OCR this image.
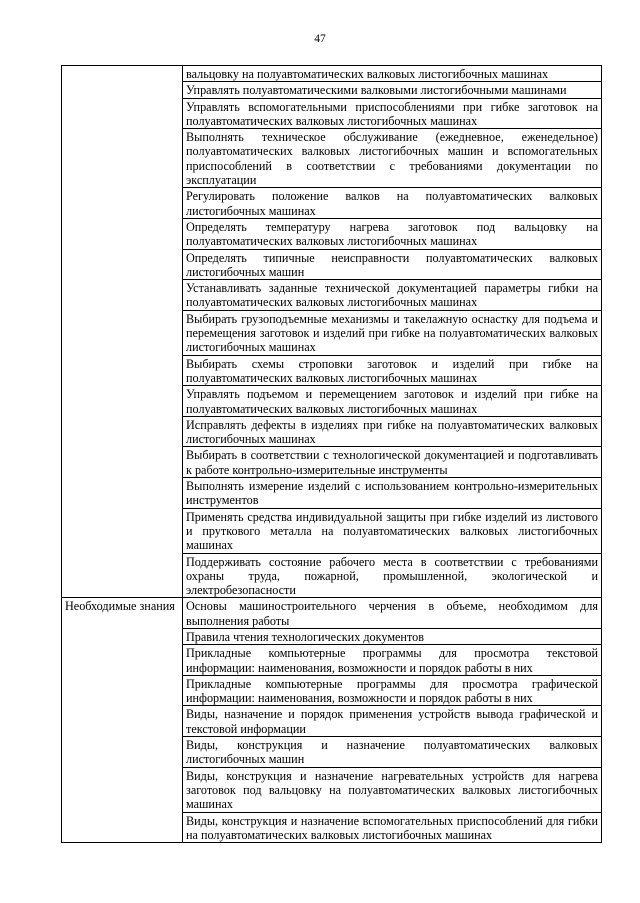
47
	вальцовку на полуавтоматических валковых листогибочных машинах
	Управлять полуавтоматическими валковыми листогибочными машинами
	Управлять вспомогательными приспособлениями при гибке заготовок на полуавтоматических валковых листогибочных машинах
	Выполнять техническое обслуживание (ежедневное, еженедельное) полуавтоматических валковых листогибочных машин и вспомогательных приспособлений в соответствии с требованиями документации по эксплуатации
	Регулировать положение валков на полуавтоматических валковых листогибочных машинах
	Определять температуру нагрева заготовок под вальцовку на полуавтоматических валковых листогибочных машинах
	Определять типичные неисправности полуавтоматических валковых листогибочных машин
	Устанавливать заданные технической документацией параметры гибки на полуавтоматических валковых листогибочных машинах
	Выбирать грузоподъемные механизмы и такелажную оснастку для подъема и перемещения заготовок и изделий при гибке на полуавтоматических валковых листогибочных машинах
	Выбирать схемы строповки заготовок и изделий при гибке на полуавтоматических валковых листогибочных машинах
	Управлять подъемом и перемещением заготовок и изделий при гибке на полуавтоматических валковых листогибочных машинах
	Исправлять дефекты в изделиях при гибке на полуавтоматических валковых листогибочных машинах
	Выбирать в соответствии с технологической документацией и подготавливать к работе контрольно-измерительные инструменты
	Выполнять измерение изделий с использованием контрольно-измерительных инструментов
	Применять средства индивидуальной защиты при гибке изделий из листового и пруткового металла на полуавтоматических валковых листогибочных машинах
	Поддерживать состояние рабочего места в соответствии с требованиями охраны труда, пожарной, промышленной, экологической и электробезопасности

Необходимые знания	Основы машиностроительного черчения в объеме, необходимом для выполнения работы
	Правила чтения технологических документов
	Прикладные компьютерные программы для просмотра текстовой информации: наименования, возможности и порядок работы в них
	Прикладные компьютерные программы для просмотра графической информации: наименования, возможности и порядок работы в них
	Виды, назначение и порядок применения устройств вывода графической и текстовой информации
	Виды, конструкция и назначение полуавтоматических валковых листогибочных машин
	Виды, конструкция и назначение нагревательных устройств для нагрева заготовок под вальцовку на полуавтоматических валковых листогибочных машинах
	Виды, конструкция и назначение вспомогательных приспособлений для гибки на полуавтоматических валковых листогибочных машинах
